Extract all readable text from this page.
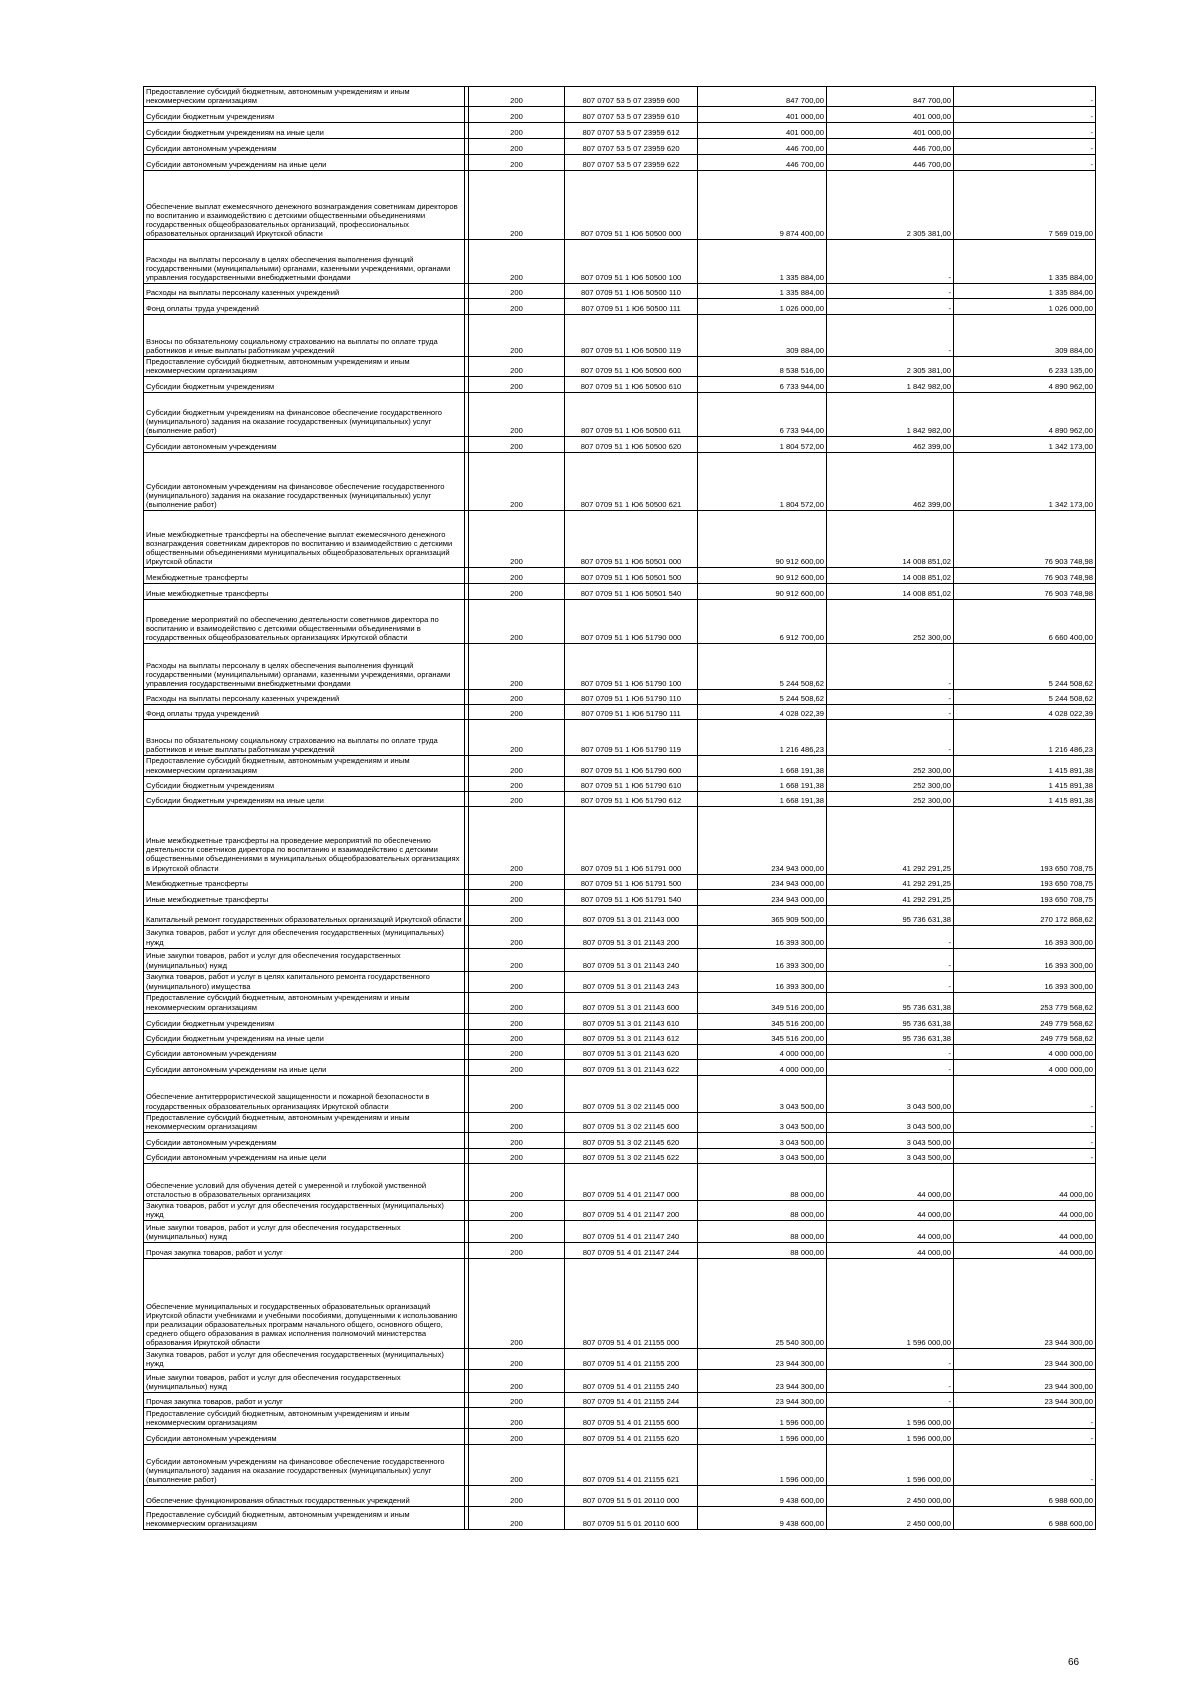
Предоставление субсидий бюджетным, автономным учреждениям и иным некоммерческим организациям		200	807 0707 53 5 07 23959 600	847 700,00	847 700,00	-
Субсидии бюджетным учреждениям		200	807 0707 53 5 07 23959 610	401 000,00	401 000,00	-
Субсидии бюджетным учреждениям на иные цели		200	807 0707 53 5 07 23959 612	401 000,00	401 000,00	-
Субсидии автономным учреждениям		200	807 0707 53 5 07 23959 620	446 700,00	446 700,00	-
Субсидии автономным учреждениям на иные цели		200	807 0707 53 5 07 23959 622	446 700,00	446 700,00	-
Обеспечение выплат ежемесячного денежного вознаграждения советникам директоров по воспитанию и взаимодействию с детскими общественными объединениями государственных общеобразовательных организаций, профессиональных образовательных организаций Иркутской области		200	807 0709 51 1 Ю6 50500 000	9 874 400,00	2 305 381,00	7 569 019,00
Расходы на выплаты персоналу в целях обеспечения выполнения функций государственными (муниципальными) органами, казенными учреждениями, органами управления государственными внебюджетными фондами		200	807 0709 51 1 Ю6 50500 100	1 335 884,00	-	1 335 884,00
Расходы на выплаты персоналу казенных учреждений		200	807 0709 51 1 Ю6 50500 110	1 335 884,00	-	1 335 884,00
Фонд оплаты труда учреждений		200	807 0709 51 1 Ю6 50500 111	1 026 000,00	-	1 026 000,00
Взносы по обязательному социальному страхованию на выплаты по оплате труда работников и иные выплаты работникам учреждений		200	807 0709 51 1 Ю6 50500 119	309 884,00	-	309 884,00
Предоставление субсидий бюджетным, автономным учреждениям и иным некоммерческим организациям		200	807 0709 51 1 Ю6 50500 600	8 538 516,00	2 305 381,00	6 233 135,00
Субсидии бюджетным учреждениям		200	807 0709 51 1 Ю6 50500 610	6 733 944,00	1 842 982,00	4 890 962,00
Субсидии бюджетным учреждениям на финансовое обеспечение государственного (муниципального) задания на оказание государственных (муниципальных) услуг (выполнение работ)		200	807 0709 51 1 Ю6 50500 611	6 733 944,00	1 842 982,00	4 890 962,00
Субсидии автономным учреждениям		200	807 0709 51 1 Ю6 50500 620	1 804 572,00	462 399,00	1 342 173,00
Субсидии автономным учреждениям на финансовое обеспечение государственного (муниципального) задания на оказание государственных (муниципальных) услуг (выполнение работ)		200	807 0709 51 1 Ю6 50500 621	1 804 572,00	462 399,00	1 342 173,00
Иные межбюджетные трансферты на обеспечение выплат ежемесячного денежного вознаграждения советникам директоров по воспитанию и взаимодействию с детскими общественными объединениями муниципальных общеобразовательных организаций Иркутской области		200	807 0709 51 1 Ю6 50501 000	90 912 600,00	14 008 851,02	76 903 748,98
Межбюджетные трансферты		200	807 0709 51 1 Ю6 50501 500	90 912 600,00	14 008 851,02	76 903 748,98
Иные межбюджетные трансферты		200	807 0709 51 1 Ю6 50501 540	90 912 600,00	14 008 851,02	76 903 748,98
Проведение мероприятий по обеспечению деятельности советников директора по воспитанию и взаимодействию с детскими общественными объединениями в государственных общеобразовательных организациях Иркутской области		200	807 0709 51 1 Ю6 51790 000	6 912 700,00	252 300,00	6 660 400,00
Расходы на выплаты персоналу в целях обеспечения выполнения функций государственными (муниципальными) органами, казенными учреждениями, органами управления государственными внебюджетными фондами		200	807 0709 51 1 Ю6 51790 100	5 244 508,62	-	5 244 508,62
Расходы на выплаты персоналу казенных учреждений		200	807 0709 51 1 Ю6 51790 110	5 244 508,62	-	5 244 508,62
Фонд оплаты труда учреждений		200	807 0709 51 1 Ю6 51790 111	4 028 022,39	-	4 028 022,39
Взносы по обязательному социальному страхованию на выплаты по оплате труда работников и иные выплаты работникам учреждений		200	807 0709 51 1 Ю6 51790 119	1 216 486,23	-	1 216 486,23
Предоставление субсидий бюджетным, автономным учреждениям и иным некоммерческим организациям		200	807 0709 51 1 Ю6 51790 600	1 668 191,38	252 300,00	1 415 891,38
Субсидии бюджетным учреждениям		200	807 0709 51 1 Ю6 51790 610	1 668 191,38	252 300,00	1 415 891,38
Субсидии бюджетным учреждениям на иные цели		200	807 0709 51 1 Ю6 51790 612	1 668 191,38	252 300,00	1 415 891,38
Иные межбюджетные трансферты на проведение мероприятий по обеспечению деятельности советников директора по воспитанию и взаимодействию с детскими общественными объединениями в муниципальных общеобразовательных организациях в Иркутской области		200	807 0709 51 1 Ю6 51791 000	234 943 000,00	41 292 291,25	193 650 708,75
Межбюджетные трансферты		200	807 0709 51 1 Ю6 51791 500	234 943 000,00	41 292 291,25	193 650 708,75
Иные межбюджетные трансферты		200	807 0709 51 1 Ю6 51791 540	234 943 000,00	41 292 291,25	193 650 708,75
Капитальный ремонт государственных образовательных организаций Иркутской области		200	807 0709 51 3 01 21143 000	365 909 500,00	95 736 631,38	270 172 868,62
Закупка товаров, работ и услуг для обеспечения государственных (муниципальных) нужд		200	807 0709 51 3 01 21143 200	16 393 300,00	-	16 393 300,00
Иные закупки товаров, работ и услуг для обеспечения государственных (муниципальных) нужд		200	807 0709 51 3 01 21143 240	16 393 300,00	-	16 393 300,00
Закупка товаров, работ и услуг в целях капитального ремонта государственного (муниципального) имущества		200	807 0709 51 3 01 21143 243	16 393 300,00	-	16 393 300,00
Предоставление субсидий бюджетным, автономным учреждениям и иным некоммерческим организациям		200	807 0709 51 3 01 21143 600	349 516 200,00	95 736 631,38	253 779 568,62
Субсидии бюджетным учреждениям		200	807 0709 51 3 01 21143 610	345 516 200,00	95 736 631,38	249 779 568,62
Субсидии бюджетным учреждениям на иные цели		200	807 0709 51 3 01 21143 612	345 516 200,00	95 736 631,38	249 779 568,62
Субсидии автономным учреждениям		200	807 0709 51 3 01 21143 620	4 000 000,00	-	4 000 000,00
Субсидии автономным учреждениям на иные цели		200	807 0709 51 3 01 21143 622	4 000 000,00	-	4 000 000,00
Обеспечение антитеррористической защищенности и пожарной безопасности в государственных образовательных организациях Иркутской области		200	807 0709 51 3 02 21145 000	3 043 500,00	3 043 500,00	-
Предоставление субсидий бюджетным, автономным учреждениям и иным некоммерческим организациям		200	807 0709 51 3 02 21145 600	3 043 500,00	3 043 500,00	-
Субсидии автономным учреждениям		200	807 0709 51 3 02 21145 620	3 043 500,00	3 043 500,00	-
Субсидии автономным учреждениям на иные цели		200	807 0709 51 3 02 21145 622	3 043 500,00	3 043 500,00	-
Обеспечение условий для обучения детей с умеренной и глубокой умственной отсталостью в образовательных организациях		200	807 0709 51 4 01 21147 000	88 000,00	44 000,00	44 000,00
Закупка товаров, работ и услуг для обеспечения государственных (муниципальных) нужд		200	807 0709 51 4 01 21147 200	88 000,00	44 000,00	44 000,00
Иные закупки товаров, работ и услуг для обеспечения государственных (муниципальных) нужд		200	807 0709 51 4 01 21147 240	88 000,00	44 000,00	44 000,00
Прочая закупка товаров, работ и услуг		200	807 0709 51 4 01 21147 244	88 000,00	44 000,00	44 000,00
Обеспечение муниципальных и государственных образовательных организаций Иркутской области учебниками и учебными пособиями, допущенными к использованию при реализации образовательных программ начального общего, основного общего, среднего общего образования в рамках исполнения полномочий министерства образования Иркутской области		200	807 0709 51 4 01 21155 000	25 540 300,00	1 596 000,00	23 944 300,00
Закупка товаров, работ и услуг для обеспечения государственных (муниципальных) нужд		200	807 0709 51 4 01 21155 200	23 944 300,00	-	23 944 300,00
Иные закупки товаров, работ и услуг для обеспечения государственных (муниципальных) нужд		200	807 0709 51 4 01 21155 240	23 944 300,00	-	23 944 300,00
Прочая закупка товаров, работ и услуг		200	807 0709 51 4 01 21155 244	23 944 300,00	-	23 944 300,00
Предоставление субсидий бюджетным, автономным учреждениям и иным некоммерческим организациям		200	807 0709 51 4 01 21155 600	1 596 000,00	1 596 000,00	-
Субсидии автономным учреждениям		200	807 0709 51 4 01 21155 620	1 596 000,00	1 596 000,00	-
Субсидии автономным учреждениям на финансовое обеспечение государственного (муниципального) задания на оказание государственных (муниципальных) услуг (выполнение работ)		200	807 0709 51 4 01 21155 621	1 596 000,00	1 596 000,00	-
Обеспечение функционирования областных государственных учреждений		200	807 0709 51 5 01 20110 000	9 438 600,00	2 450 000,00	6 988 600,00
Предоставление субсидий бюджетным, автономным учреждениям и иным некоммерческим организациям		200	807 0709 51 5 01 20110 600	9 438 600,00	2 450 000,00	6 988 600,00
66
